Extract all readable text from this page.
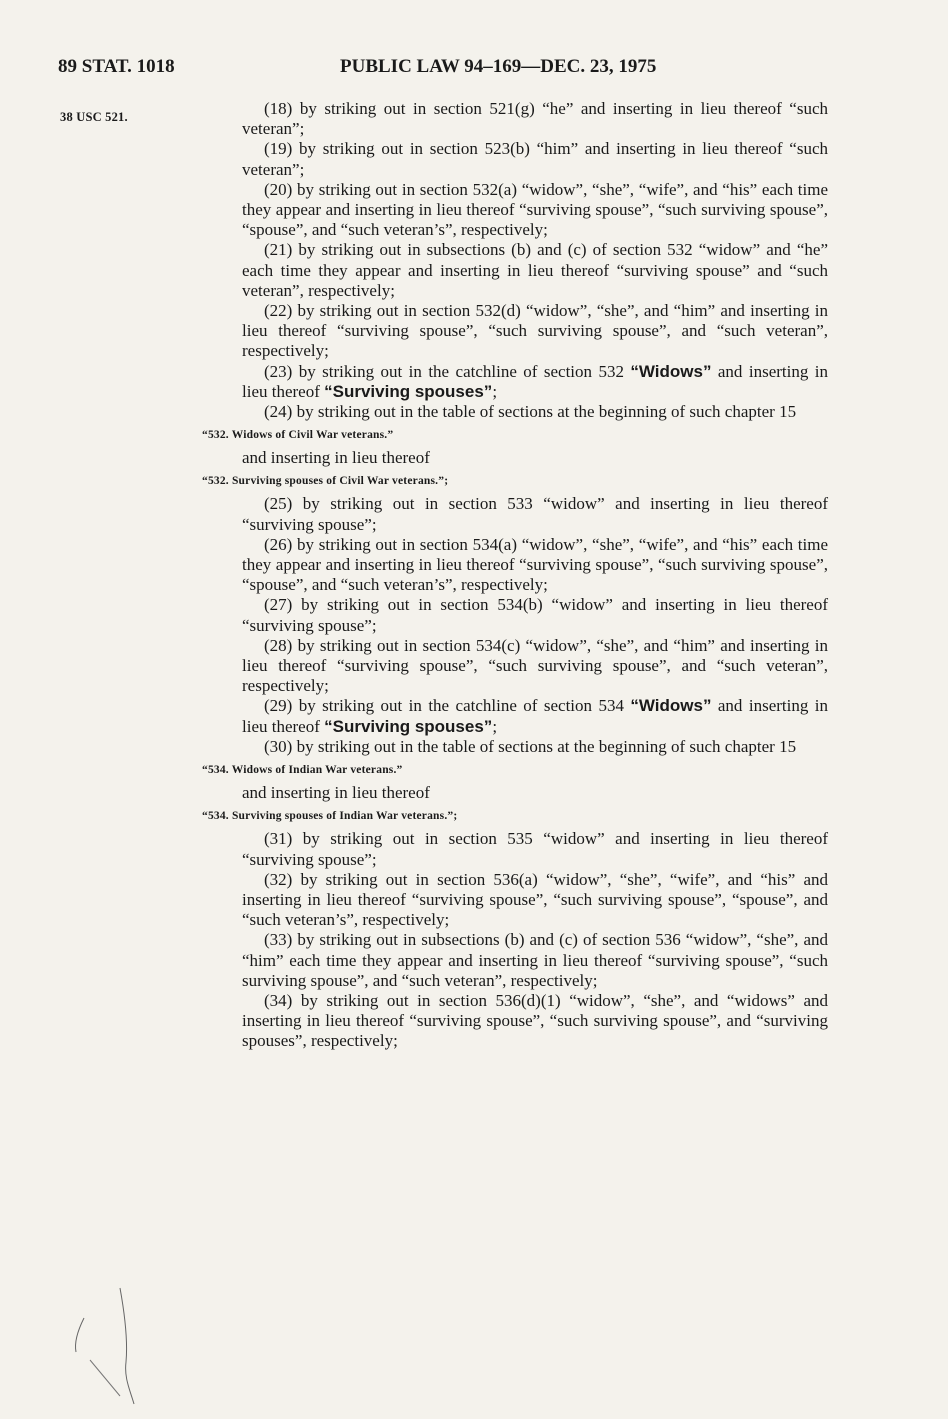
89 STAT. 1018	PUBLIC LAW 94–169—DEC. 23, 1975
38 USC 521.	(18) by striking out in section 521(g) “he” and inserting in lieu thereof “such veteran”;

(19) by striking out in section 523(b) “him” and inserting in lieu thereof “such veteran”;

(20) by striking out in section 532(a) “widow”, “she”, “wife”, and “his” each time they appear and inserting in lieu thereof “surviving spouse”, “such surviving spouse”, “spouse”, and “such veteran’s”, respectively;

(21) by striking out in subsections (b) and (c) of section 532 “widow” and “he” each time they appear and inserting in lieu thereof “surviving spouse” and “such veteran”, respectively;

(22) by striking out in section 532(d) “widow”, “she”, and “him” and inserting in lieu thereof “surviving spouse”, “such surviving spouse”, and “such veteran”, respectively;

(23) by striking out in the catchline of section 532 “Widows” and inserting in lieu thereof “Surviving spouses”;

(24) by striking out in the table of sections at the beginning of such chapter 15

“532. Widows of Civil War veterans.”

and inserting in lieu thereof

“532. Surviving spouses of Civil War veterans.”;

(25) by striking out in section 533 “widow” and inserting in lieu thereof “surviving spouse”;

(26) by striking out in section 534(a) “widow”, “she”, “wife”, and “his” each time they appear and inserting in lieu thereof “surviving spouse”, “such surviving spouse”, “spouse”, and “such veteran’s”, respectively;

(27) by striking out in section 534(b) “widow” and inserting in lieu thereof “surviving spouse”;

(28) by striking out in section 534(c) “widow”, “she”, and “him” and inserting in lieu thereof “surviving spouse”, “such surviving spouse”, and “such veteran”, respectively;

(29) by striking out in the catchline of section 534 “Widows” and inserting in lieu thereof “Surviving spouses”;

(30) by striking out in the table of sections at the beginning of such chapter 15

“534. Widows of Indian War veterans.”

and inserting in lieu thereof

“534. Surviving spouses of Indian War veterans.”;

(31) by striking out in section 535 “widow” and inserting in lieu thereof “surviving spouse”;

(32) by striking out in section 536(a) “widow”, “she”, “wife”, and “his” and inserting in lieu thereof “surviving spouse”, “such surviving spouse”, “spouse”, and “such veteran’s”, respectively;

(33) by striking out in subsections (b) and (c) of section 536 “widow”, “she”, and “him” each time they appear and inserting in lieu thereof “surviving spouse”, “such surviving spouse”, and “such veteran”, respectively;

(34) by striking out in section 536(d)(1) “widow”, “she”, and “widows” and inserting in lieu thereof “surviving spouse”, “such surviving spouse”, and “surviving spouses”, respectively;
